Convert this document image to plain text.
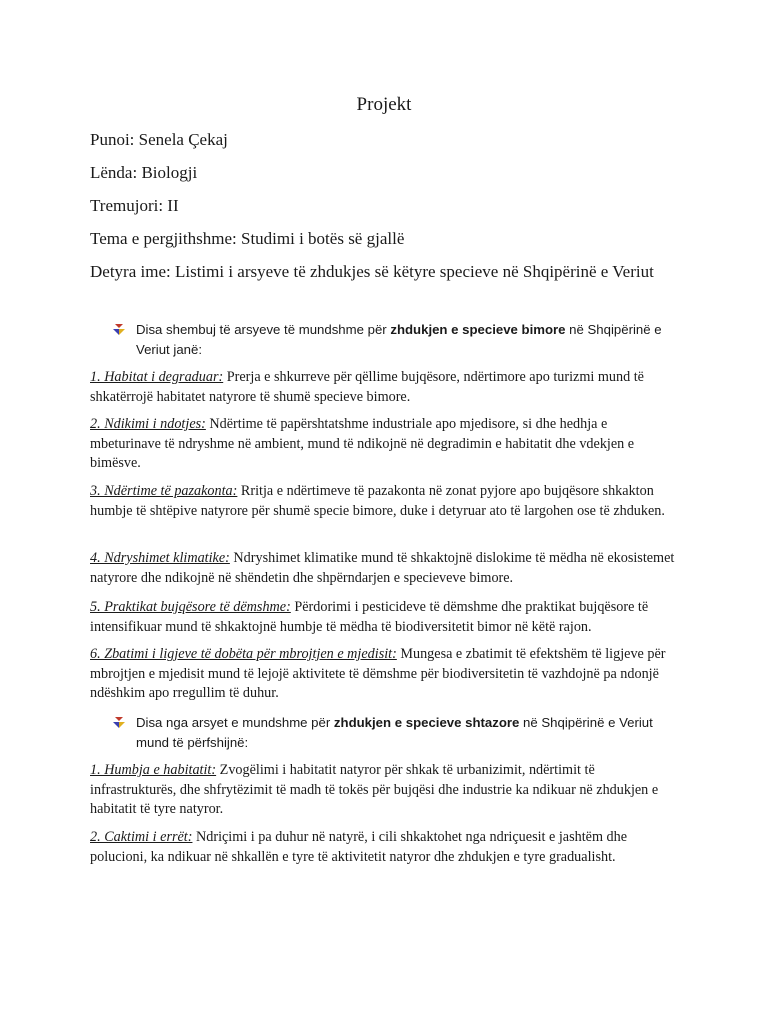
Projekt
Punoi: Senela Çekaj
Lënda: Biologji
Tremujori: II
Tema e pergjithshme: Studimi i botës së gjallë
Detyra ime: Listimi i arsyeve të zhdukjes së këtyre specieve në Shqipërinë e Veriut
Disa shembuj të arsyeve të mundshme për zhdukjen e specieve bimore në Shqipërinë e Veriut janë:
1. Habitat i degraduar: Prerja e shkurreve për qëllime bujqësore, ndërtimore apo turizmi mund të shkatërrojë habitatet natyrore të shumë specieve bimore.
2. Ndikimi i ndotjes: Ndërtime të papërshtatshme industriale apo mjedisore, si dhe hedhja e mbeturinave të ndryshme në ambient, mund të ndikojnë në degradimin e habitatit dhe vdekjen e bimësve.
3. Ndërtime të pazakonta: Rritja e ndërtimeve të pazakonta në zonat pyjore apo bujqësore shkakton humbje të shtëpive natyrore për shumë specie bimore, duke i detyruar ato të largohen ose të zhduken.
4. Ndryshimet klimatike: Ndryshimet klimatike mund të shkaktojnë dislokime të mëdha në ekosistemet natyrore dhe ndikojnë në shëndetin dhe shpërndarjen e specieveve bimore.
5. Praktikat bujqësore të dëmshme: Përdorimi i pesticideve të dëmshme dhe praktikat bujqësore të intensifikuar mund të shkaktojnë humbje të mëdha të biodiversitetit bimor në këtë rajon.
6. Zbatimi i ligjeve të dobëta për mbrojtjen e mjedisit: Mungesa e zbatimit të efektshëm të ligjeve për mbrojtjen e mjedisit mund të lejojë aktivitete të dëmshme për biodiversitetin të vazhdojnë pa ndonjë ndëshkim apo rregullim të duhur.
Disa nga arsyet e mundshme për zhdukjen e specieve shtazore në Shqipërinë e Veriut mund të përfshijnë:
1. Humbja e habitatit: Zvogëlimi i habitatit natyror për shkak të urbanizimit, ndërtimit të infrastrukturës, dhe shfrytëzimit të madh të tokës për bujqësi dhe industrie ka ndikuar në zhdukjen e habitatit të tyre natyror.
2. Caktimi i errët: Ndriçimi i pa duhur në natyrë, i cili shkaktohet nga ndriçuesit e jashtëm dhe polucioni, ka ndikuar në shkallën e tyre të aktivitetit natyror dhe zhdukjen e tyre gradualisht.
